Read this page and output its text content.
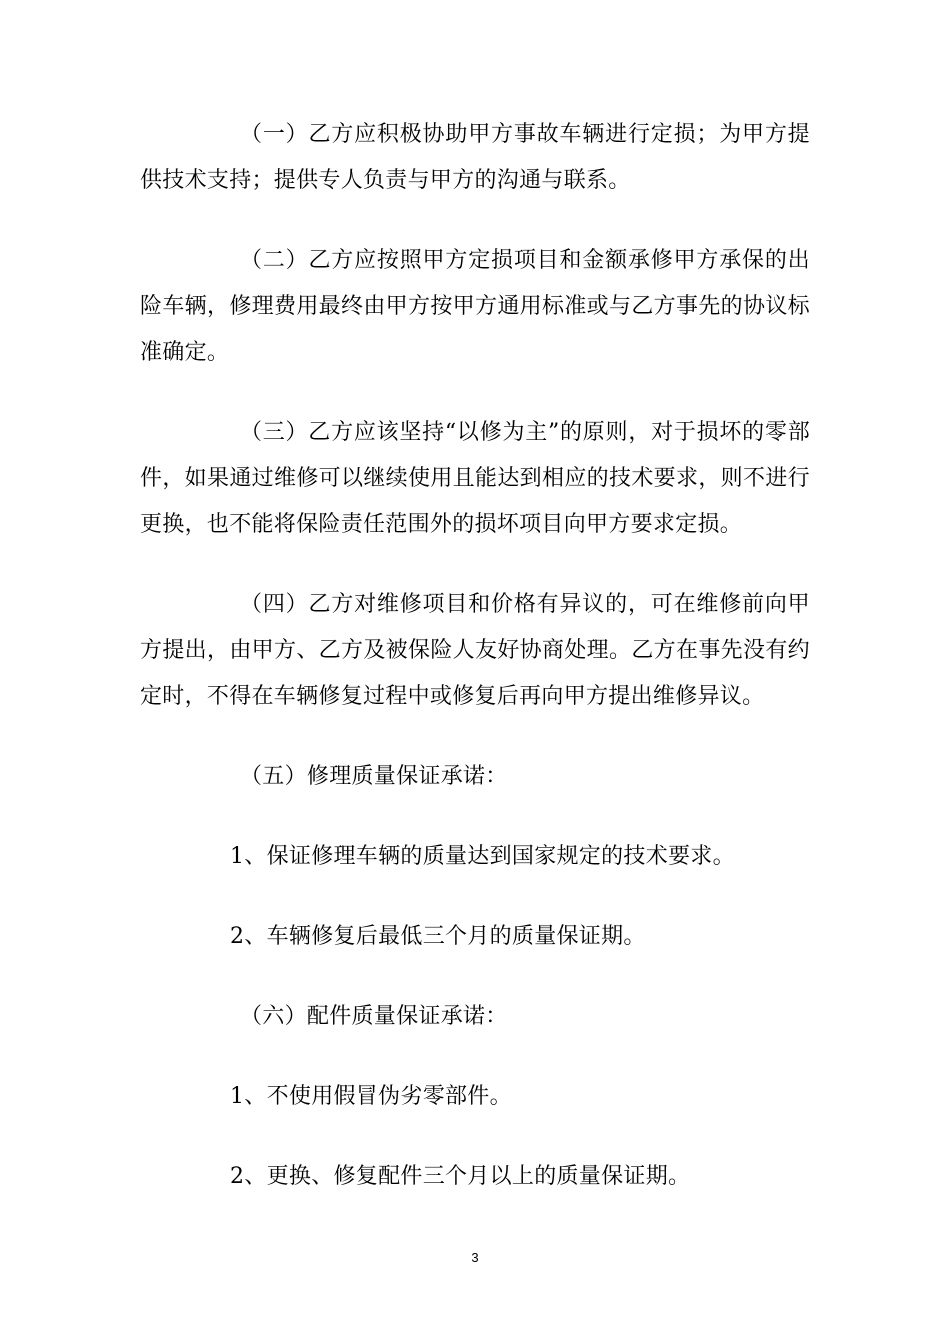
（一）乙方应积极协助甲方事故车辆进行定损；为甲方提供技术支持；提供专人负责与甲方的沟通与联系。

（二）乙方应按照甲方定损项目和金额承修甲方承保的出险车辆，修理费用最终由甲方按甲方通用标准或与乙方事先的协议标准确定。

（三）乙方应该坚持“以修为主”的原则，对于损坏的零部件，如果通过维修可以继续使用且能达到相应的技术要求，则不进行更换，也不能将保险责任范围外的损坏项目向甲方要求定损。

（四）乙方对维修项目和价格有异议的，可在维修前向甲方提出，由甲方、乙方及被保险人友好协商处理。乙方在事先没有约定时，不得在车辆修复过程中或修复后再向甲方提出维修异议。

（五）修理质量保证承诺：

1、保证修理车辆的质量达到国家规定的技术要求。

2、车辆修复后最低三个月的质量保证期。

（六）配件质量保证承诺：

1、不使用假冒伪劣零部件。

2、更换、修复配件三个月以上的质量保证期。

3
